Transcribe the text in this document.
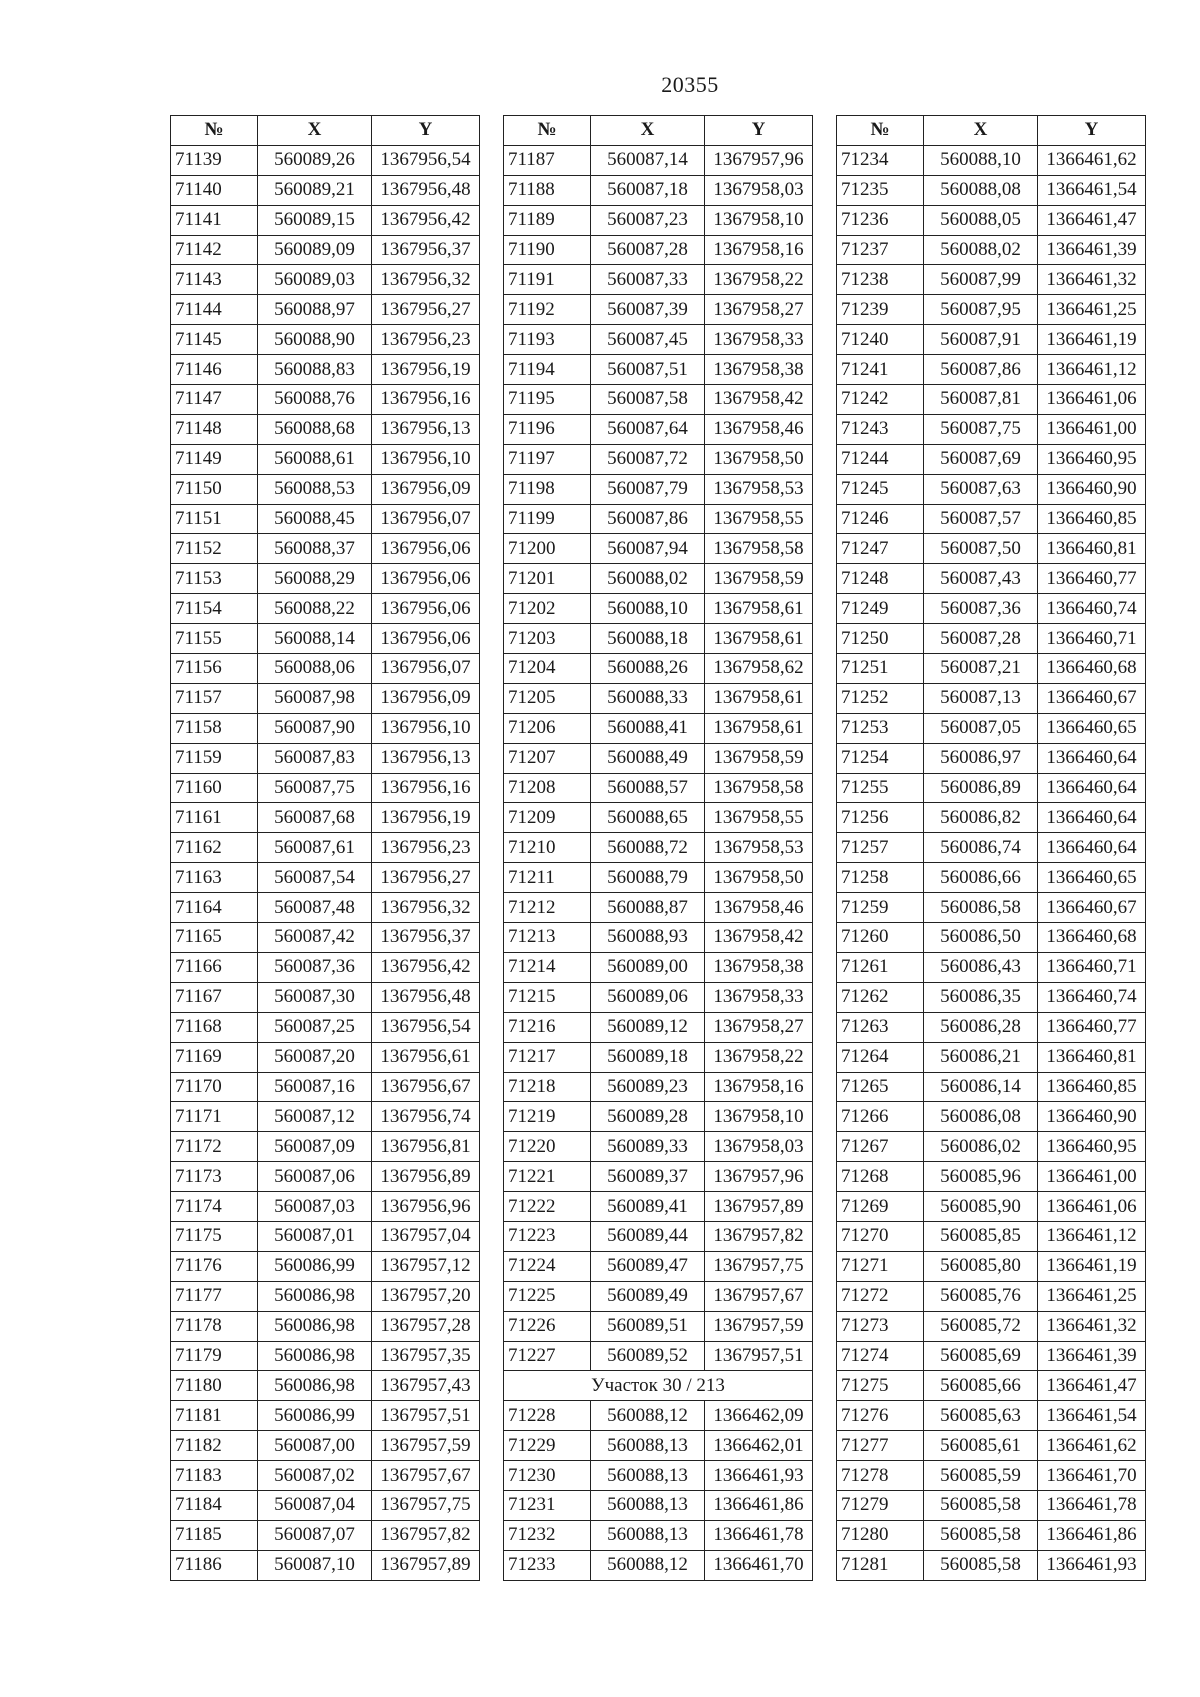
20355
№	X	Y
71139	560089,26	1367956,54
71140	560089,21	1367956,48
71141	560089,15	1367956,42
71142	560089,09	1367956,37
71143	560089,03	1367956,32
71144	560088,97	1367956,27
71145	560088,90	1367956,23
71146	560088,83	1367956,19
71147	560088,76	1367956,16
71148	560088,68	1367956,13
71149	560088,61	1367956,10
71150	560088,53	1367956,09
71151	560088,45	1367956,07
71152	560088,37	1367956,06
71153	560088,29	1367956,06
71154	560088,22	1367956,06
71155	560088,14	1367956,06
71156	560088,06	1367956,07
71157	560087,98	1367956,09
71158	560087,90	1367956,10
71159	560087,83	1367956,13
71160	560087,75	1367956,16
71161	560087,68	1367956,19
71162	560087,61	1367956,23
71163	560087,54	1367956,27
71164	560087,48	1367956,32
71165	560087,42	1367956,37
71166	560087,36	1367956,42
71167	560087,30	1367956,48
71168	560087,25	1367956,54
71169	560087,20	1367956,61
71170	560087,16	1367956,67
71171	560087,12	1367956,74
71172	560087,09	1367956,81
71173	560087,06	1367956,89
71174	560087,03	1367956,96
71175	560087,01	1367957,04
71176	560086,99	1367957,12
71177	560086,98	1367957,20
71178	560086,98	1367957,28
71179	560086,98	1367957,35
71180	560086,98	1367957,43
71181	560086,99	1367957,51
71182	560087,00	1367957,59
71183	560087,02	1367957,67
71184	560087,04	1367957,75
71185	560087,07	1367957,82
71186	560087,10	1367957,89
№	X	Y
71187	560087,14	1367957,96
71188	560087,18	1367958,03
71189	560087,23	1367958,10
71190	560087,28	1367958,16
71191	560087,33	1367958,22
71192	560087,39	1367958,27
71193	560087,45	1367958,33
71194	560087,51	1367958,38
71195	560087,58	1367958,42
71196	560087,64	1367958,46
71197	560087,72	1367958,50
71198	560087,79	1367958,53
71199	560087,86	1367958,55
71200	560087,94	1367958,58
71201	560088,02	1367958,59
71202	560088,10	1367958,61
71203	560088,18	1367958,61
71204	560088,26	1367958,62
71205	560088,33	1367958,61
71206	560088,41	1367958,61
71207	560088,49	1367958,59
71208	560088,57	1367958,58
71209	560088,65	1367958,55
71210	560088,72	1367958,53
71211	560088,79	1367958,50
71212	560088,87	1367958,46
71213	560088,93	1367958,42
71214	560089,00	1367958,38
71215	560089,06	1367958,33
71216	560089,12	1367958,27
71217	560089,18	1367958,22
71218	560089,23	1367958,16
71219	560089,28	1367958,10
71220	560089,33	1367958,03
71221	560089,37	1367957,96
71222	560089,41	1367957,89
71223	560089,44	1367957,82
71224	560089,47	1367957,75
71225	560089,49	1367957,67
71226	560089,51	1367957,59
71227	560089,52	1367957,51
Участок 30 / 213		
71228	560088,12	1366462,09
71229	560088,13	1366462,01
71230	560088,13	1366461,93
71231	560088,13	1366461,86
71232	560088,13	1366461,78
71233	560088,12	1366461,70
№	X	Y
71234	560088,10	1366461,62
71235	560088,08	1366461,54
71236	560088,05	1366461,47
71237	560088,02	1366461,39
71238	560087,99	1366461,32
71239	560087,95	1366461,25
71240	560087,91	1366461,19
71241	560087,86	1366461,12
71242	560087,81	1366461,06
71243	560087,75	1366461,00
71244	560087,69	1366460,95
71245	560087,63	1366460,90
71246	560087,57	1366460,85
71247	560087,50	1366460,81
71248	560087,43	1366460,77
71249	560087,36	1366460,74
71250	560087,28	1366460,71
71251	560087,21	1366460,68
71252	560087,13	1366460,67
71253	560087,05	1366460,65
71254	560086,97	1366460,64
71255	560086,89	1366460,64
71256	560086,82	1366460,64
71257	560086,74	1366460,64
71258	560086,66	1366460,65
71259	560086,58	1366460,67
71260	560086,50	1366460,68
71261	560086,43	1366460,71
71262	560086,35	1366460,74
71263	560086,28	1366460,77
71264	560086,21	1366460,81
71265	560086,14	1366460,85
71266	560086,08	1366460,90
71267	560086,02	1366460,95
71268	560085,96	1366461,00
71269	560085,90	1366461,06
71270	560085,85	1366461,12
71271	560085,80	1366461,19
71272	560085,76	1366461,25
71273	560085,72	1366461,32
71274	560085,69	1366461,39
71275	560085,66	1366461,47
71276	560085,63	1366461,54
71277	560085,61	1366461,62
71278	560085,59	1366461,70
71279	560085,58	1366461,78
71280	560085,58	1366461,86
71281	560085,58	1366461,93
